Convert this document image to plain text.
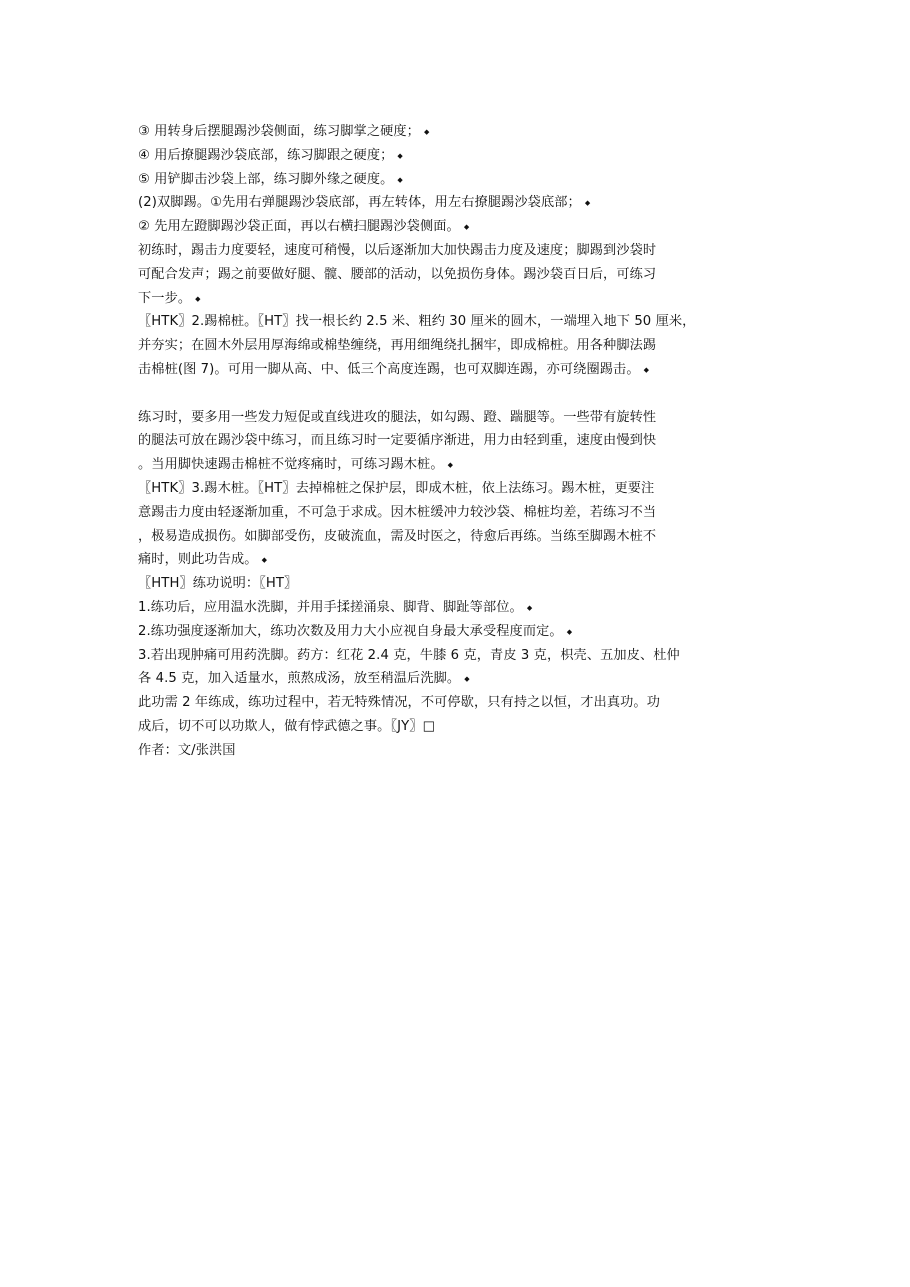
③ 用转身后摆腿踢沙袋侧面，练习脚掌之硬度； ◆
④ 用后撩腿踢沙袋底部，练习脚跟之硬度； ◆
⑤ 用铲脚击沙袋上部，练习脚外缘之硬度。 ◆
(2)双脚踢。①先用右弹腿踢沙袋底部，再左转体，用左右撩腿踢沙袋底部； ◆
② 先用左蹬脚踢沙袋正面，再以右横扫腿踢沙袋侧面。 ◆
初练时，踢击力度要轻，速度可稍慢，以后逐渐加大加快踢击力度及速度；脚踢到沙袋时
可配合发声；踢之前要做好腿、髋、腰部的活动，以免损伤身体。踢沙袋百日后，可练习
下一步。 ◆
〖HTK〗2.踢棉桩。〖HT〗找一根长约 2.5 米、粗约 30 厘米的圆木，一端埋入地下 50 厘米，
并夯实；在圆木外层用厚海绵或棉垫缠绕，再用细绳绕扎捆牢，即成棉桩。用各种脚法踢
击棉桩(图 7)。可用一脚从高、中、低三个高度连踢，也可双脚连踢，亦可绕圈踢击。 ◆
练习时，要多用一些发力短促或直线进攻的腿法，如勾踢、蹬、踹腿等。一些带有旋转性
的腿法可放在踢沙袋中练习，而且练习时一定要循序渐进，用力由轻到重，速度由慢到快
。当用脚快速踢击棉桩不觉疼痛时，可练习踢木桩。 ◆
〖HTK〗3.踢木桩。〖HT〗去掉棉桩之保护层，即成木桩，依上法练习。踢木桩，更要注
意踢击力度由轻逐渐加重，不可急于求成。因木桩缓冲力较沙袋、棉桩均差，若练习不当
，极易造成损伤。如脚部受伤，皮破流血，需及时医之，待愈后再练。当练至脚踢木桩不
痛时，则此功告成。 ◆
〖HTH〗练功说明：〖HT〗
1.练功后，应用温水洗脚，并用手揉搓涌泉、脚背、脚趾等部位。 ◆
2.练功强度逐渐加大，练功次数及用力大小应视自身最大承受程度而定。 ◆
3.若出现肿痛可用药洗脚。药方：红花 2.4 克，牛膝 6 克，青皮 3 克，枳壳、五加皮、杜仲
各 4.5 克，加入适量水，煎熬成汤，放至稍温后洗脚。 ◆
此功需 2 年练成，练功过程中，若无特殊情况，不可停歇，只有持之以恒，才出真功。功
成后，切不可以功欺人，做有悖武德之事。〖JY〗□
作者：文/张洪国
